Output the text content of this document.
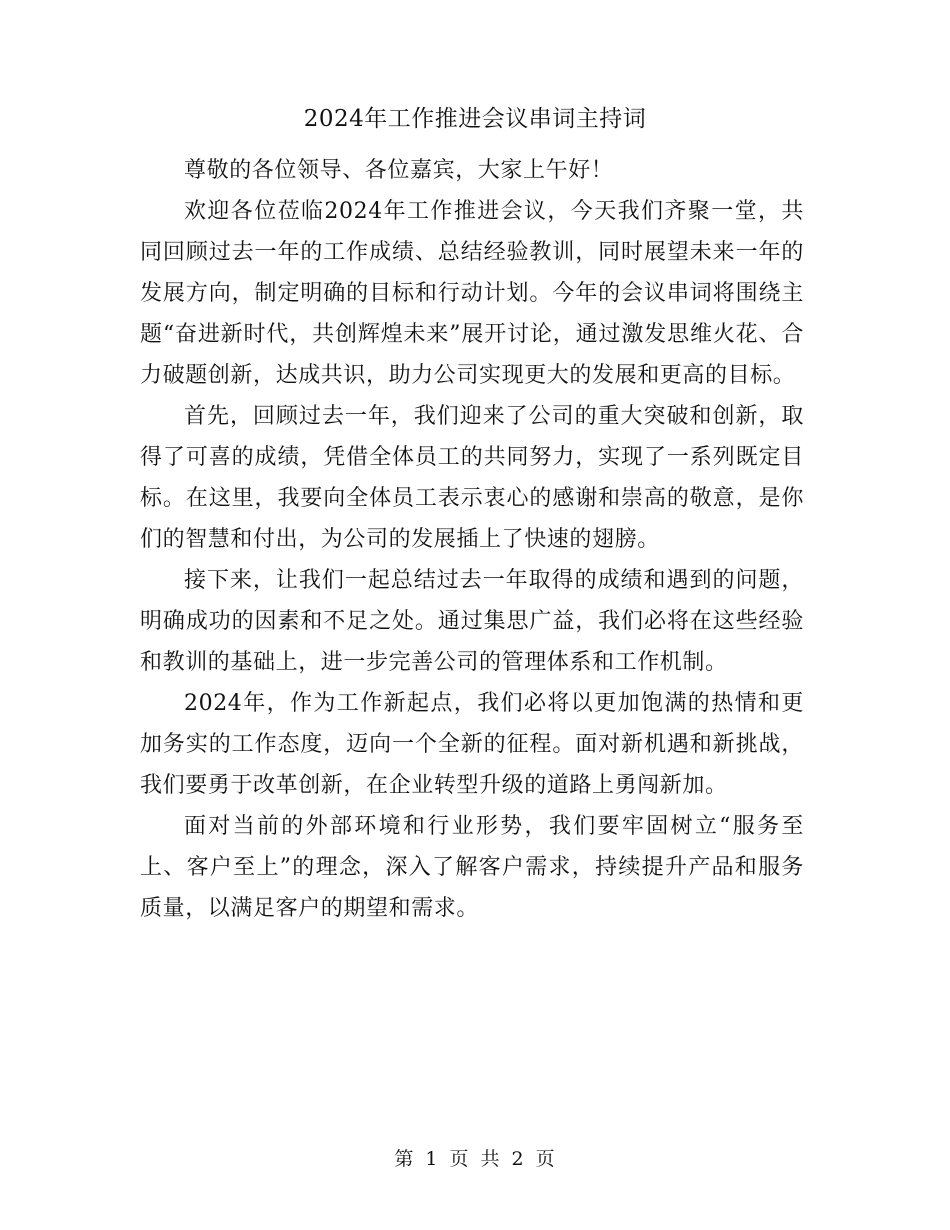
2024年工作推进会议串词主持词

尊敬的各位领导、各位嘉宾，大家上午好！

欢迎各位莅临2024年工作推进会议，今天我们齐聚一堂，共同回顾过去一年的工作成绩、总结经验教训，同时展望未来一年的发展方向，制定明确的目标和行动计划。今年的会议串词将围绕主题“奋进新时代，共创辉煌未来”展开讨论，通过激发思维火花、合力破题创新，达成共识，助力公司实现更大的发展和更高的目标。

首先，回顾过去一年，我们迎来了公司的重大突破和创新，取得了可喜的成绩，凭借全体员工的共同努力，实现了一系列既定目标。在这里，我要向全体员工表示衷心的感谢和崇高的敬意，是你们的智慧和付出，为公司的发展插上了快速的翅膀。

接下来，让我们一起总结过去一年取得的成绩和遇到的问题，明确成功的因素和不足之处。通过集思广益，我们必将在这些经验和教训的基础上，进一步完善公司的管理体系和工作机制。

2024年，作为工作新起点，我们必将以更加饱满的热情和更加务实的工作态度，迈向一个全新的征程。面对新机遇和新挑战，我们要勇于改革创新，在企业转型升级的道路上勇闯新加。

面对当前的外部环境和行业形势，我们要牢固树立“服务至上、客户至上”的理念，深入了解客户需求，持续提升产品和服务质量，以满足客户的期望和需求。

第 1 页 共 2 页
